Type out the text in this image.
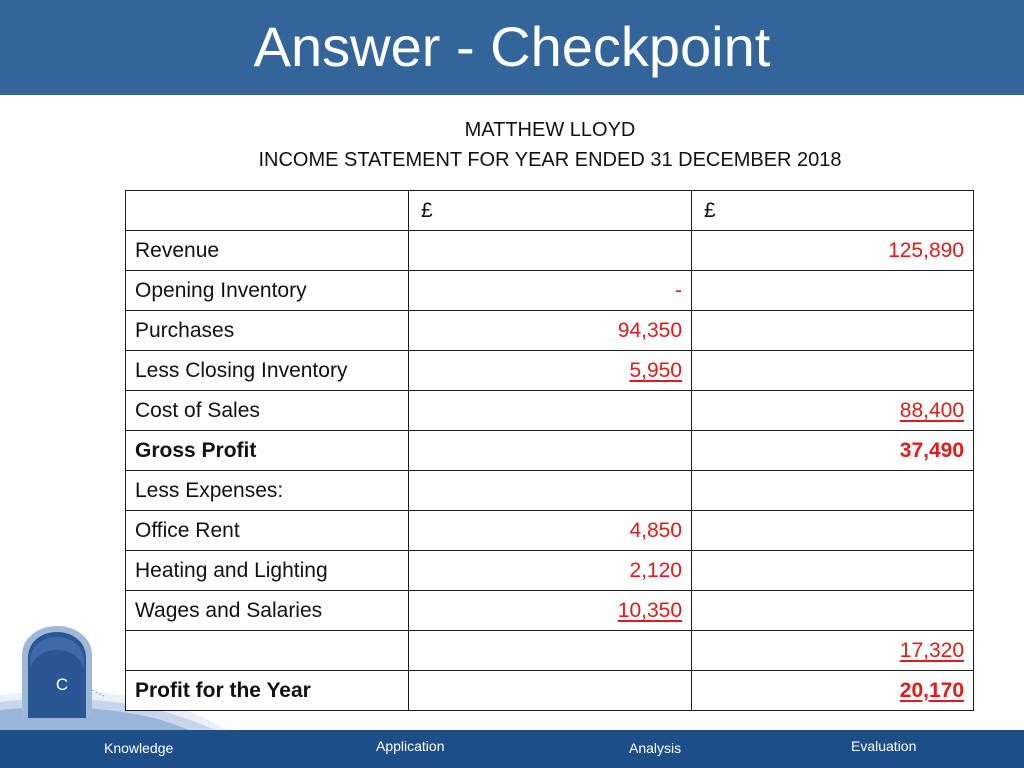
Answer - Checkpoint
MATTHEW LLOYD
INCOME STATEMENT FOR YEAR ENDED 31 DECEMBER 2018
C
	£	£
Revenue		125,890
Opening Inventory	-	
Purchases	94,350	
Less Closing Inventory	5,950	
Cost of Sales		88,400
Gross Profit		37,490
Less Expenses:		
Office Rent	4,850	
Heating and Lighting	2,120	
Wages and Salaries	10,350	
		17,320
Profit for the Year		20,170
Knowledge	Application	Analysis	Evaluation
